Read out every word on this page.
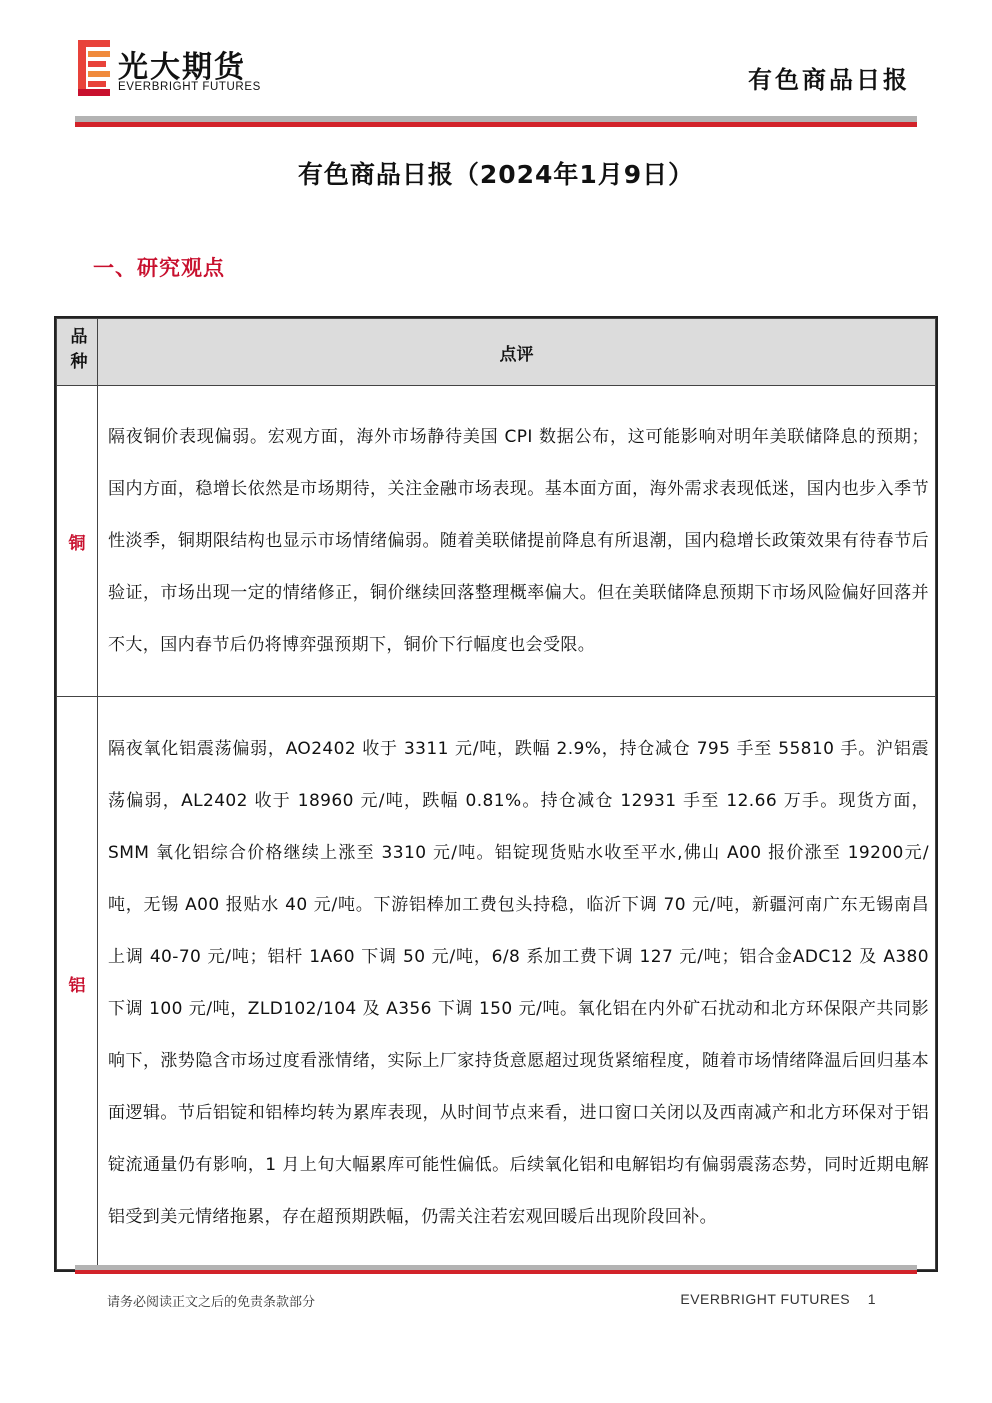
光大期货
EVERBRIGHT FUTURES	有色商品日报
有色商品日报（2024年1月9日）
一、研究观点
品种	点评
铜	隔夜铜价表现偏弱。宏观方面，海外市场静待美国 CPI 数据公布，这可能影响对明年美联储降息的预期；国内方面，稳增长依然是市场期待，关注金融市场表现。基本面方面，海外需求表现低迷，国内也步入季节性淡季，铜期限结构也显示市场情绪偏弱。随着美联储提前降息有所退潮，国内稳增长政策效果有待春节后验证，市场出现一定的情绪修正，铜价继续回落整理概率偏大。但在美联储降息预期下市场风险偏好回落并不大，国内春节后仍将博弈强预期下，铜价下行幅度也会受限。
铝	隔夜氧化铝震荡偏弱，AO2402 收于 3311 元/吨，跌幅 2.9%，持仓减仓 795 手至 55810 手。沪铝震荡偏弱，AL2402 收于 18960 元/吨，跌幅 0.81%。持仓减仓 12931 手至 12.66 万手。现货方面，SMM 氧化铝综合价格继续上涨至 3310 元/吨。铝锭现货贴水收至平水,佛山 A00 报价涨至 19200元/吨，无锡 A00 报贴水 40 元/吨。下游铝棒加工费包头持稳，临沂下调 70 元/吨，新疆河南广东无锡南昌上调 40-70 元/吨；铝杆 1A60 下调 50 元/吨，6/8 系加工费下调 127 元/吨；铝合金ADC12 及 A380 下调 100 元/吨，ZLD102/104 及 A356 下调 150 元/吨。氧化铝在内外矿石扰动和北方环保限产共同影响下，涨势隐含市场过度看涨情绪，实际上厂家持货意愿超过现货紧缩程度，随着市场情绪降温后回归基本面逻辑。节后铝锭和铝棒均转为累库表现，从时间节点来看，进口窗口关闭以及西南减产和北方环保对于铝锭流通量仍有影响，1 月上旬大幅累库可能性偏低。后续氧化铝和电解铝均有偏弱震荡态势，同时近期电解铝受到美元情绪拖累，存在超预期跌幅，仍需关注若宏观回暖后出现阶段回补。
请务必阅读正文之后的免责条款部分	EVERBRIGHT FUTURES 1
